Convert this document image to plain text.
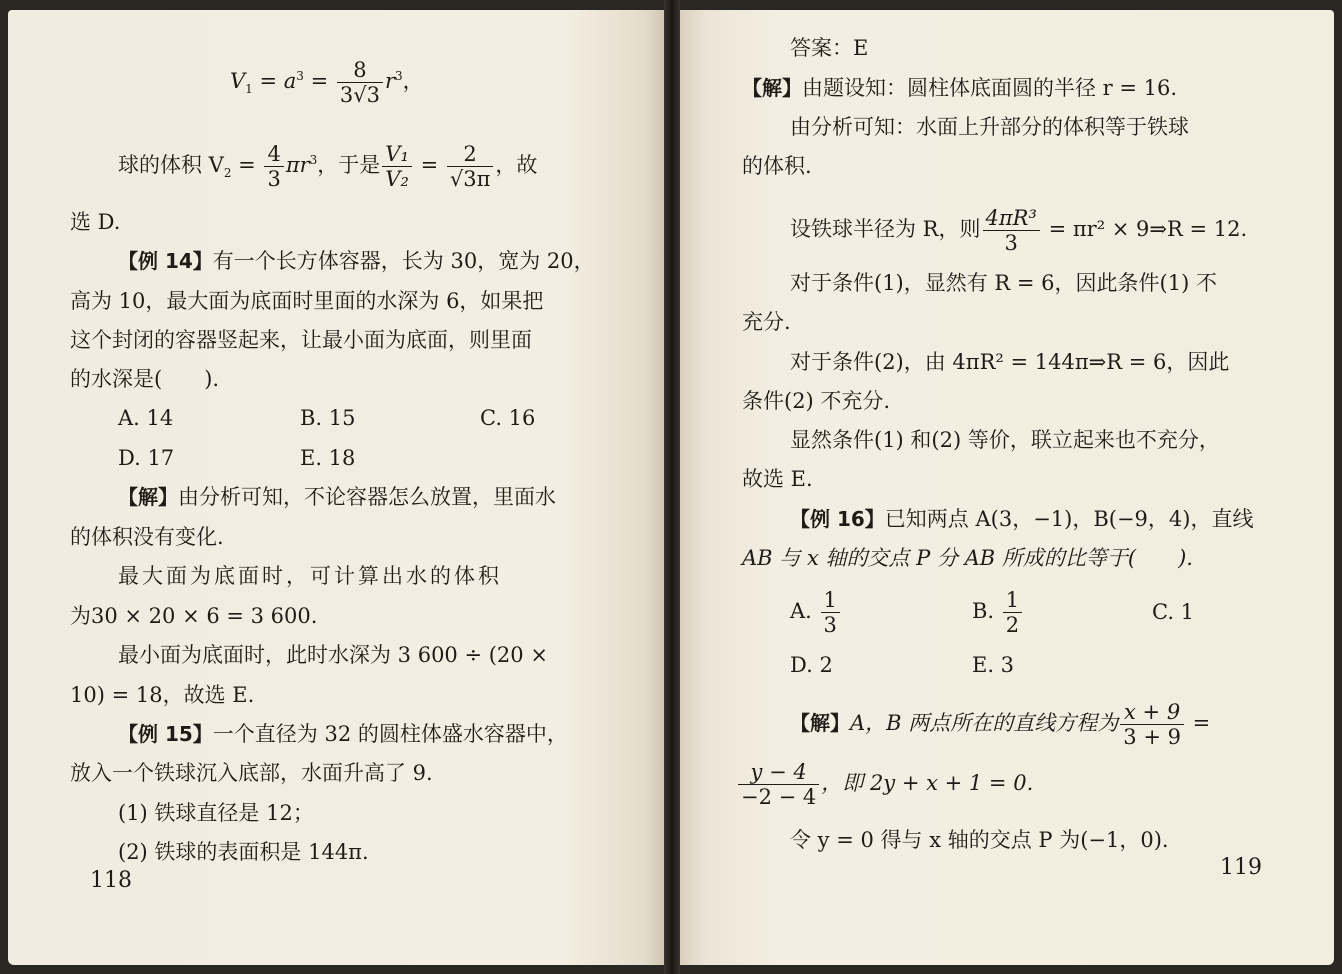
$V_1 = a^3 = \frac{8}{3√3} r^3$，
球的体积 $V_2 = \frac{4}{3} \pi r^3$，于是 $\frac{\text{V₁}}{\text{V₂}} = \frac{2}{√3\pi}$ ，故
选 D.
【例 14】有一个长方体容器，长为 30，宽为 20，
高为 10，最大面为底面时里面的水深为 6，如果把
这个封闭的容器竖起来，让最小面为底面，则里面
的水深是(　　).
A. 14	B. 15	C. 16
D. 17	E. 18
【解】由分析可知，不论容器怎么放置，里面水
的体积没有变化.
最大面为底面时，可计算出水的体积
为30 × 20 × 6 = 3 600.
最小面为底面时，此时水深为 3 600 ÷ (20 ×
10) = 18，故选 E.
【例 15】一个直径为 32 的圆柱体盛水容器中，
放入一个铁球沉入底部，水面升高了 9.
(1) 铁球直径是 12；
(2) 铁球的表面积是 144π.
118
答案：E
【解】由题设知：圆柱体底面圆的半径 r = 16.
由分析可知：水面上升部分的体积等于铁球
的体积.
设铁球半径为 R，则 $\frac{\text{4πR³}}{3} = \pi r^2$ × 9⇒R = 12.
对于条件(1)，显然有 R = 6，因此条件(1) 不
充分.
对于条件(2)，由 4πR² = 144π⇒R = 6，因此
条件(2) 不充分.
显然条件(1) 和(2) 等价，联立起来也不充分，
故选 E.
【例 16】已知两点 A(3，−1)，B(−9，4)，直线
AB 与 x 轴的交点 P 分 AB 所成的比等于(　　).
A. $\frac{1}{3}$	B. $\frac{1}{2}$	C. 1
D. 2	E. 3
【解】A，B 两点所在的直线方程为 $\frac{x + 9}{3 + 9}$ =
$\frac{y - 4}{-2 - 4}$ ，即 2y + x + 1 = 0.
令 y = 0 得与 x 轴的交点 P 为(−1，0).
119
